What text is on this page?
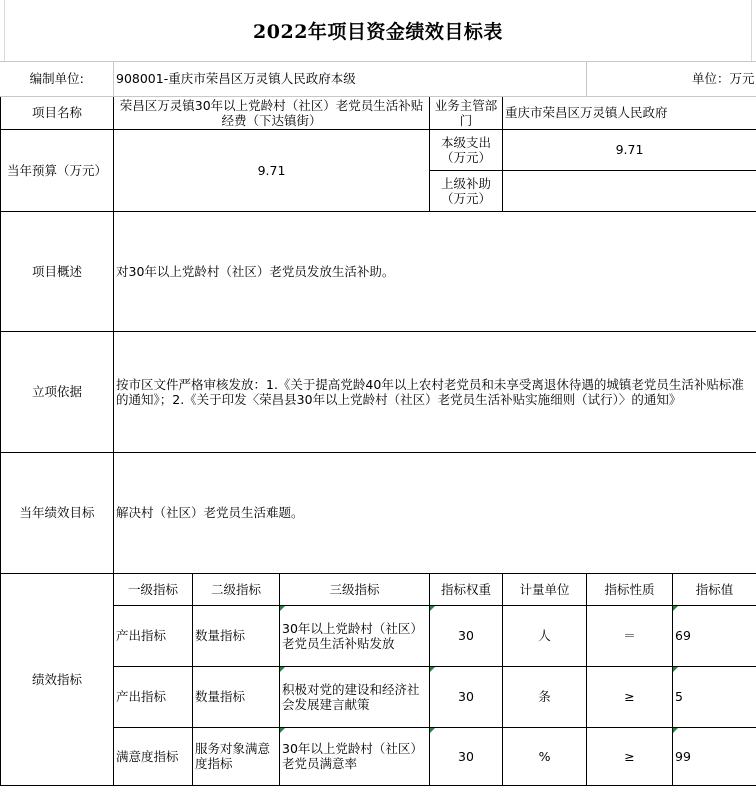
2022年项目资金绩效目标表
编制单位:	908001-重庆市荣昌区万灵镇人民政府本级					单位：万元	
项目名称	荣昌区万灵镇30年以上党龄村（社区）老党员生活补贴经费（下达镇街）			业务主管部门	重庆市荣昌区万灵镇人民政府		
当年预算（万元）	9.71			本级支出（万元）	9.71		
				上级补助（万元）			
项目概述	对30年以上党龄村（社区）老党员发放生活补助。						
立项依据	按市区文件严格审核发放：1.《关于提高党龄40年以上农村老党员和未享受离退休待遇的城镇老党员生活补贴标准的通知》；2.《关于印发〈荣昌县30年以上党龄村（社区）老党员生活补贴实施细则（试行）〉的通知》						
当年绩效目标	解决村（社区）老党员生活难题。						
绩效指标	一级指标	二级指标	三级指标	指标权重	计量单位	指标性质	指标值
	产出指标	数量指标	30年以上党龄村（社区）老党员生活补贴发放	30	人	＝	69
	产出指标	数量指标	积极对党的建设和经济社会发展建言献策	30	条	≥	5
	满意度指标	服务对象满意度指标	30年以上党龄村（社区）老党员满意率	30	%	≥	99
